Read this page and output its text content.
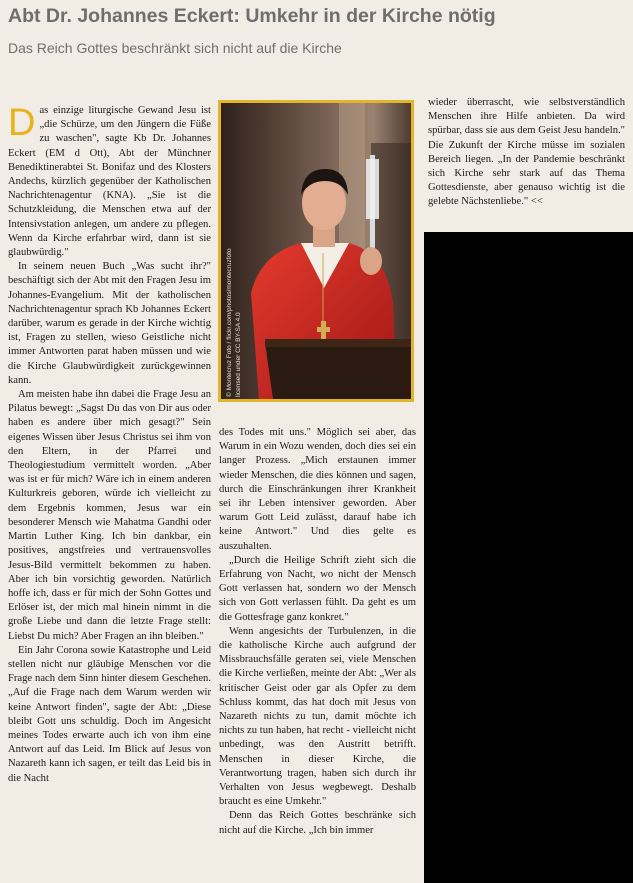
Abt Dr. Johannes Eckert: Umkehr in der Kirche nötig
Das Reich Gottes beschränkt sich nicht auf die Kirche

Das einzige liturgische Gewand Jesu ist „die Schürze, um den Jüngern die Füße zu waschen", sagte Kb Dr. Johannes Eckert (EM d Ott), Abt der Münchner Benediktinerabtei St. Bonifaz und des Klosters Andechs, kürzlich gegenüber der Katholischen Nachrichtenagentur (KNA). „Sie ist die Schutzkleidung, die Menschen etwa auf der Intensivstation anlegen, um andere zu pflegen. Wenn da Kirche erfahrbar wird, dann ist sie glaubwürdig."

In seinem neuen Buch „Was sucht ihr?" beschäftigt sich der Abt mit den Fragen Jesu im Johannes-Evangelium. Mit der katholischen Nachrichtenagentur sprach Kb Johannes Eckert darüber, warum es gerade in der Kirche wichtig ist, Fragen zu stellen, wieso Geistliche nicht immer Antworten parat haben müssen und wie die Kirche Glaubwürdigkeit zurückgewinnen kann.

Am meisten habe ihn dabei die Frage Jesu an Pilatus bewegt: „Sagst Du das von Dir aus oder haben es andere über mich gesagt?" Sein eigenes Wissen über Jesus Christus sei ihm von den Eltern, in der Pfarrei und Theologiestudium vermittelt worden. „Aber was ist er für mich? Wäre ich in einem anderen Kulturkreis geboren, würde ich vielleicht zu dem Ergebnis kommen, Jesus war ein besonderer Mensch wie Mahatma Gandhi oder Martin Luther King. Ich bin dankbar, ein positives, angstfreies und vertrauensvolles Jesus-Bild vermittelt bekommen zu haben. Aber ich bin vorsichtig geworden. Natürlich hoffe ich, dass er für mich der Sohn Gottes und Erlöser ist, der mich mal hinein nimmt in die große Liebe und dann die letzte Frage stellt: Liebst Du mich? Aber Fragen an ihn bleiben."

Ein Jahr Corona sowie Katastrophe und Leid stellen nicht nur gläubige Menschen vor die Frage nach dem Sinn hinter diesem Geschehen. „Auf die Frage nach dem Warum werden wir keine Antwort finden", sagte der Abt: „Diese bleibt Gott uns schuldig. Doch im Angesicht meines Todes erwarte auch ich von ihm eine Antwort auf das Leid. Im Blick auf Jesus von Nazareth kann ich sagen, er teilt das Leid bis in die Nacht

© Montecruz Foto / flickr.com/photos/montecruzfoto licensed under CC BY-SA 4.0

des Todes mit uns." Möglich sei aber, das Warum in ein Wozu wenden, doch dies sei ein langer Prozess. „Mich erstaunen immer wieder Menschen, die dies können und sagen, durch die Einschränkungen ihrer Krankheit sei ihr Leben intensiver geworden. Aber warum Gott Leid zulässt, darauf habe ich keine Antwort." Und dies gelte es auszuhalten.

„Durch die Heilige Schrift zieht sich die Erfahrung von Nacht, wo nicht der Mensch Gott verlassen hat, sondern wo der Mensch sich von Gott verlassen fühlt. Da geht es um die Gottesfrage ganz konkret."

Wenn angesichts der Turbulenzen, in die die katholische Kirche auch aufgrund der Missbrauchsfälle geraten sei, viele Menschen die Kirche verließen, meinte der Abt: „Wer als kritischer Geist oder gar als Opfer zu dem Schluss kommt, das hat doch mit Jesus von Nazareth nichts zu tun, damit möchte ich nichts zu tun haben, hat recht - vielleicht nicht unbedingt, was den Austritt betrifft. Menschen in dieser Kirche, die Verantwortung tragen, haben sich durch ihr Verhalten von Jesus wegbewegt. Deshalb braucht es eine Umkehr."

Denn das Reich Gottes beschränke sich nicht auf die Kirche. „Ich bin immer

wieder überrascht, wie selbstverständlich Menschen ihre Hilfe anbieten. Da wird spürbar, dass sie aus dem Geist Jesu handeln." Die Zukunft der Kirche müsse im sozialen Bereich liegen. „In der Pandemie beschränkt sich Kirche sehr stark auf das Thema Gottesdienste, aber genauso wichtig ist die gelebte Nächstenliebe." <<
